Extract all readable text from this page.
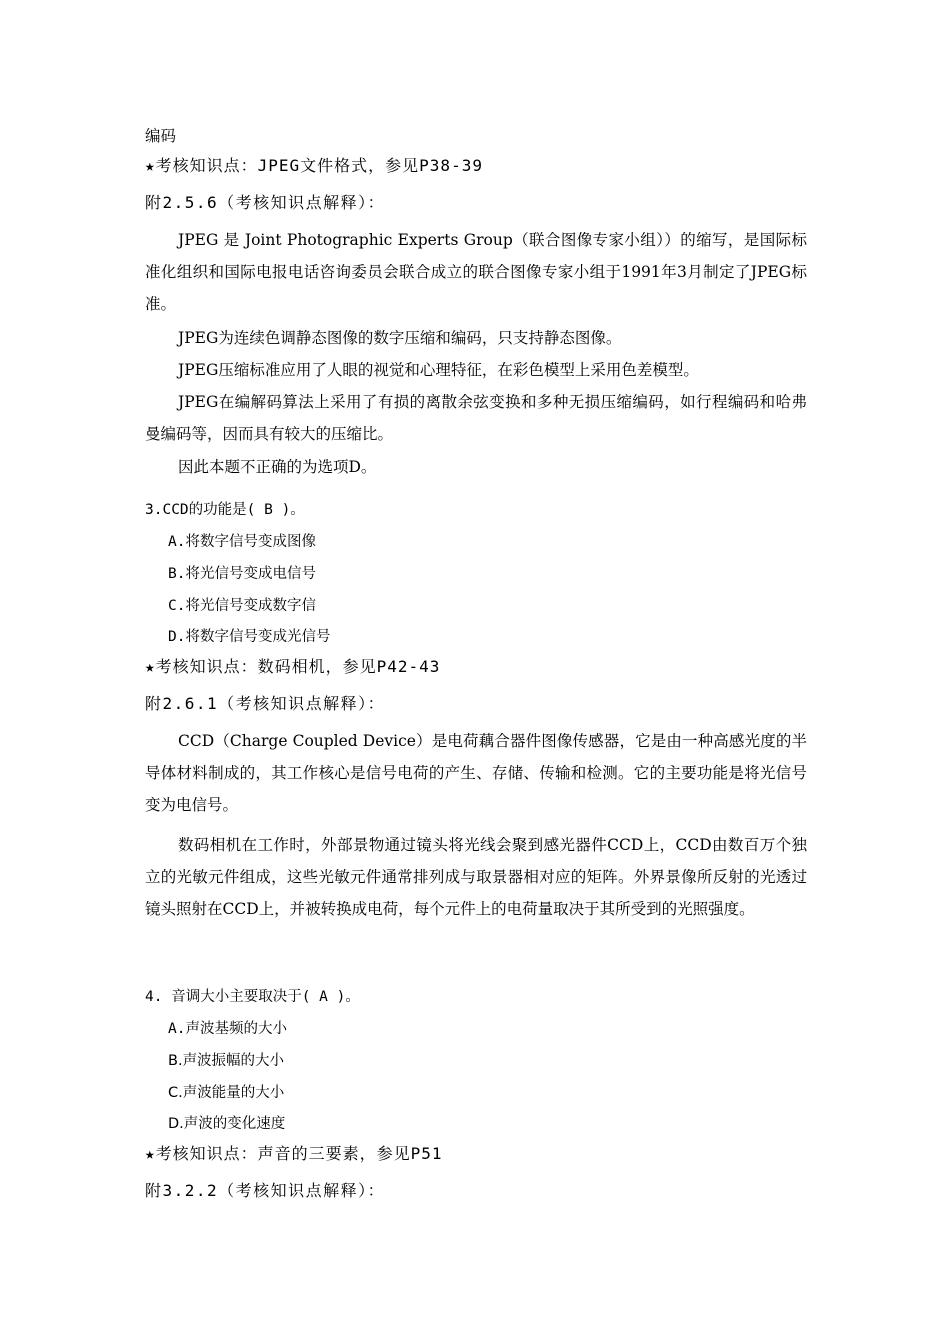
编码
★考核知识点：JPEG文件格式，参见P38-39
附2.5.6（考核知识点解释）：
JPEG 是 Joint Photographic Experts Group（联合图像专家小组））的缩写，是国际标准化组织和国际电报电话咨询委员会联合成立的联合图像专家小组于1991年3月制定了JPEG标准。
JPEG为连续色调静态图像的数字压缩和编码，只支持静态图像。
JPEG压缩标准应用了人眼的视觉和心理特征，在彩色模型上采用色差模型。
JPEG在编解码算法上采用了有损的离散余弦变换和多种无损压缩编码，如行程编码和哈弗曼编码等，因而具有较大的压缩比。
因此本题不正确的为选项D。
3.CCD的功能是( B )。
A.将数字信号变成图像
B.将光信号变成电信号
C.将光信号变成数字信
D.将数字信号变成光信号
★考核知识点：数码相机，参见P42-43
附2.6.1（考核知识点解释）：
CCD（Charge Coupled Device）是电荷藕合器件图像传感器，它是由一种高感光度的半导体材料制成的，其工作核心是信号电荷的产生、存储、传输和检测。它的主要功能是将光信号变为电信号。
数码相机在工作时，外部景物通过镜头将光线会聚到感光器件CCD上，CCD由数百万个独立的光敏元件组成，这些光敏元件通常排列成与取景器相对应的矩阵。外界景像所反射的光透过镜头照射在CCD上，并被转换成电荷，每个元件上的电荷量取决于其所受到的光照强度。
4. 音调大小主要取决于( A )。
A.声波基频的大小
B.声波振幅的大小
C.声波能量的大小
D.声波的变化速度
★考核知识点：声音的三要素，参见P51
附3.2.2（考核知识点解释）：
